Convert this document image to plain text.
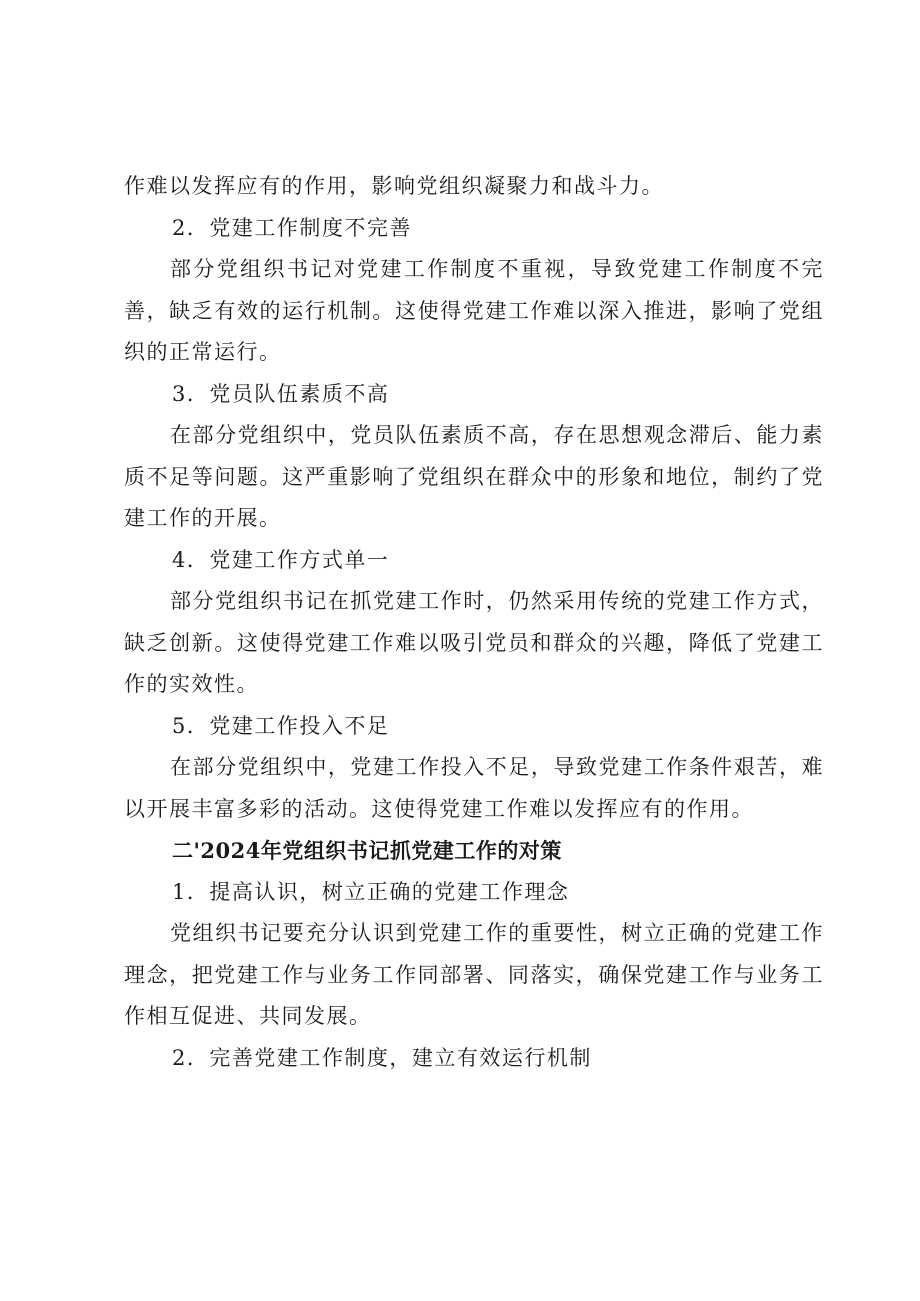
作难以发挥应有的作用，影响党组织凝聚力和战斗力。

2．党建工作制度不完善

部分党组织书记对党建工作制度不重视，导致党建工作制度不完善，缺乏有效的运行机制。这使得党建工作难以深入推进，影响了党组织的正常运行。

3．党员队伍素质不高

在部分党组织中，党员队伍素质不高，存在思想观念滞后、能力素质不足等问题。这严重影响了党组织在群众中的形象和地位，制约了党建工作的开展。

4．党建工作方式单一

部分党组织书记在抓党建工作时，仍然采用传统的党建工作方式，缺乏创新。这使得党建工作难以吸引党员和群众的兴趣，降低了党建工作的实效性。

5．党建工作投入不足

在部分党组织中，党建工作投入不足，导致党建工作条件艰苦，难以开展丰富多彩的活动。这使得党建工作难以发挥应有的作用。

二'2024年党组织书记抓党建工作的对策

1．提高认识，树立正确的党建工作理念

党组织书记要充分认识到党建工作的重要性，树立正确的党建工作理念，把党建工作与业务工作同部署、同落实，确保党建工作与业务工作相互促进、共同发展。

2．完善党建工作制度，建立有效运行机制
